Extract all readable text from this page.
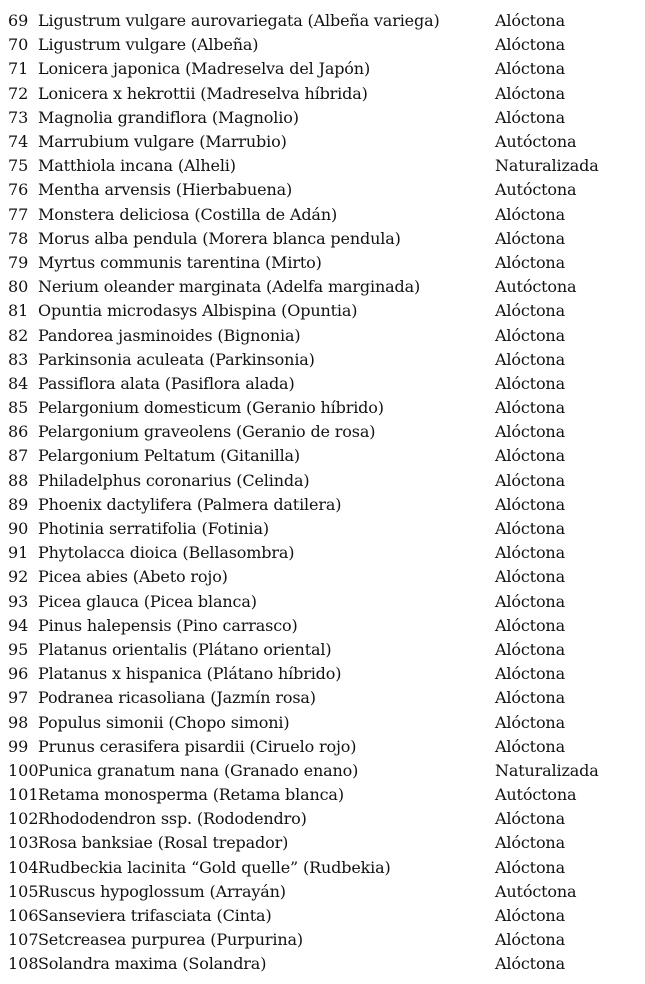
69 Ligustrum vulgare aurovariegata (Albeña variega)	Alóctona
70 Ligustrum vulgare (Albeña)	Alóctona
71 Lonicera japonica (Madreselva del Japón)	Alóctona
72 Lonicera x hekrottii (Madreselva híbrida)	Alóctona
73 Magnolia grandiflora (Magnolio)	Alóctona
74 Marrubium vulgare (Marrubio)	Autóctona
75 Matthiola incana (Alheli)	Naturalizada
76 Mentha arvensis (Hierbabuena)	Autóctona
77 Monstera deliciosa (Costilla de Adán)	Alóctona
78 Morus alba pendula (Morera blanca pendula)	Alóctona
79 Myrtus communis tarentina (Mirto)	Alóctona
80 Nerium oleander marginata (Adelfa marginada)	Autóctona
81 Opuntia microdasys Albispina (Opuntia)	Alóctona
82 Pandorea jasminoides (Bignonia)	Alóctona
83 Parkinsonia aculeata (Parkinsonia)	Alóctona
84 Passiflora alata (Pasiflora alada)	Alóctona
85 Pelargonium domesticum (Geranio híbrido)	Alóctona
86 Pelargonium graveolens (Geranio de rosa)	Alóctona
87 Pelargonium Peltatum (Gitanilla)	Alóctona
88 Philadelphus coronarius (Celinda)	Alóctona
89 Phoenix dactylifera (Palmera datilera)	Alóctona
90 Photinia serratifolia (Fotinia)	Alóctona
91 Phytolacca dioica (Bellasombra)	Alóctona
92 Picea abies (Abeto rojo)	Alóctona
93 Picea glauca (Picea blanca)	Alóctona
94 Pinus halepensis (Pino carrasco)	Alóctona
95 Platanus orientalis (Plátano oriental)	Alóctona
96 Platanus x hispanica (Plátano híbrido)	Alóctona
97 Podranea ricasoliana (Jazmín rosa)	Alóctona
98 Populus simonii (Chopo simoni)	Alóctona
99 Prunus cerasifera pisardii (Ciruelo rojo)	Alóctona
100 Punica granatum nana (Granado enano)	Naturalizada
101 Retama monosperma (Retama blanca)	Autóctona
102 Rhododendron ssp. (Rododendro)	Alóctona
103 Rosa banksiae (Rosal trepador)	Alóctona
104 Rudbeckia lacinita “Gold quelle” (Rudbekia)	Alóctona
105 Ruscus hypoglossum (Arrayán)	Autóctona
106 Sanseviera trifasciata (Cinta)	Alóctona
107 Setcreasea purpurea (Purpurina)	Alóctona
108 Solandra maxima (Solandra)	Alóctona
